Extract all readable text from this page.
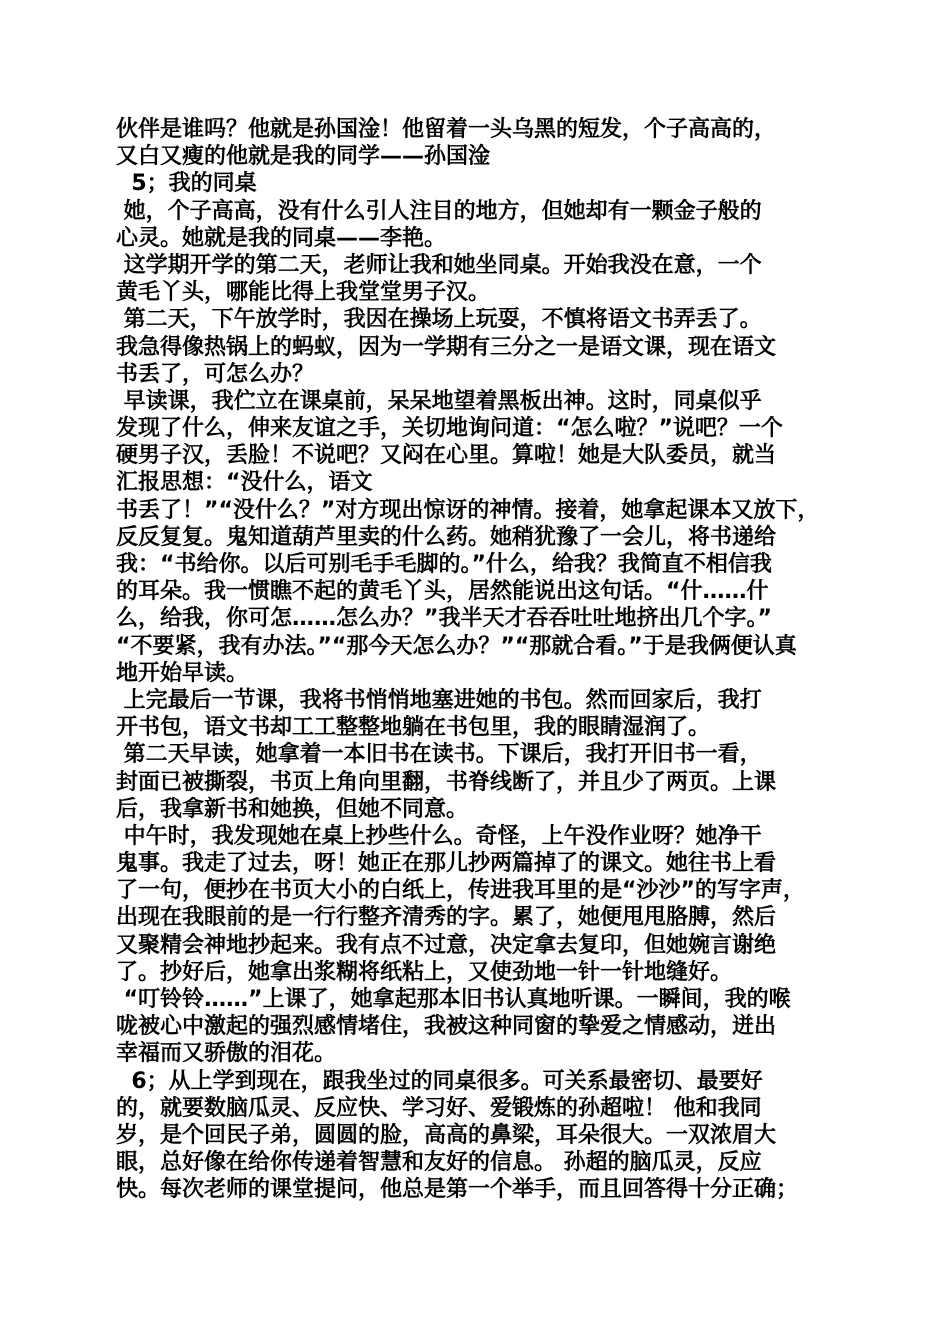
伙伴是谁吗？他就是孙国淦！他留着一头乌黑的短发，个子高高的，
又白又瘦的他就是我的同学——孙国淦
5；我的同桌
她，个子高高，没有什么引人注目的地方，但她却有一颗金子般的
心灵。她就是我的同桌——李艳。
这学期开学的第二天，老师让我和她坐同桌。开始我没在意，一个
黄毛丫头，哪能比得上我堂堂男子汉。
第二天，下午放学时，我因在操场上玩耍，不慎将语文书弄丢了。
我急得像热锅上的蚂蚁，因为一学期有三分之一是语文课，现在语文
书丢了，可怎么办？
早读课，我伫立在课桌前，呆呆地望着黑板出神。这时，同桌似乎
发现了什么，伸来友谊之手，关切地询问道：“怎么啦？”说吧？一个
硬男子汉，丢脸！不说吧？又闷在心里。算啦！她是大队委员，就当
汇报思想：“没什么，语文
书丢了！”“没什么？”对方现出惊讶的神情。接着，她拿起课本又放下，
反反复复。鬼知道葫芦里卖的什么药。她稍犹豫了一会儿，将书递给
我：“书给你。以后可别毛手毛脚的。”什么，给我？我简直不相信我
的耳朵。我一惯瞧不起的黄毛丫头，居然能说出这句话。“什……什
么，给我，你可怎……怎么办？”我半天才吞吞吐吐地挤出几个字。”
“不要紧，我有办法。”“那今天怎么办？”“那就合看。”于是我俩便认真
地开始早读。
上完最后一节课，我将书悄悄地塞进她的书包。然而回家后，我打
开书包，语文书却工工整整地躺在书包里，我的眼睛湿润了。
第二天早读，她拿着一本旧书在读书。下课后，我打开旧书一看，
封面已被撕裂，书页上角向里翻，书脊线断了，并且少了两页。上课
后，我拿新书和她换，但她不同意。
中午时，我发现她在桌上抄些什么。奇怪，上午没作业呀？她净干
鬼事。我走了过去，呀！她正在那儿抄两篇掉了的课文。她往书上看
了一句，便抄在书页大小的白纸上，传进我耳里的是“沙沙”的写字声，
出现在我眼前的是一行行整齐清秀的字。累了，她便甩甩胳膊，然后
又聚精会神地抄起来。我有点不过意，决定拿去复印，但她婉言谢绝
了。抄好后，她拿出浆糊将纸粘上，又使劲地一针一针地缝好。
“叮铃铃……”上课了，她拿起那本旧书认真地听课。一瞬间，我的喉
咙被心中激起的强烈感情堵住，我被这种同窗的挚爱之情感动，迸出
幸福而又骄傲的泪花。
6；从上学到现在，跟我坐过的同桌很多。可关系最密切、最要好
的，就要数脑瓜灵、反应快、学习好、爱锻炼的孙超啦！ 他和我同
岁，是个回民子弟，圆圆的脸，高高的鼻梁，耳朵很大。一双浓眉大
眼，总好像在给你传递着智慧和友好的信息。 孙超的脑瓜灵，反应
快。每次老师的课堂提问，他总是第一个举手，而且回答得十分正确；
